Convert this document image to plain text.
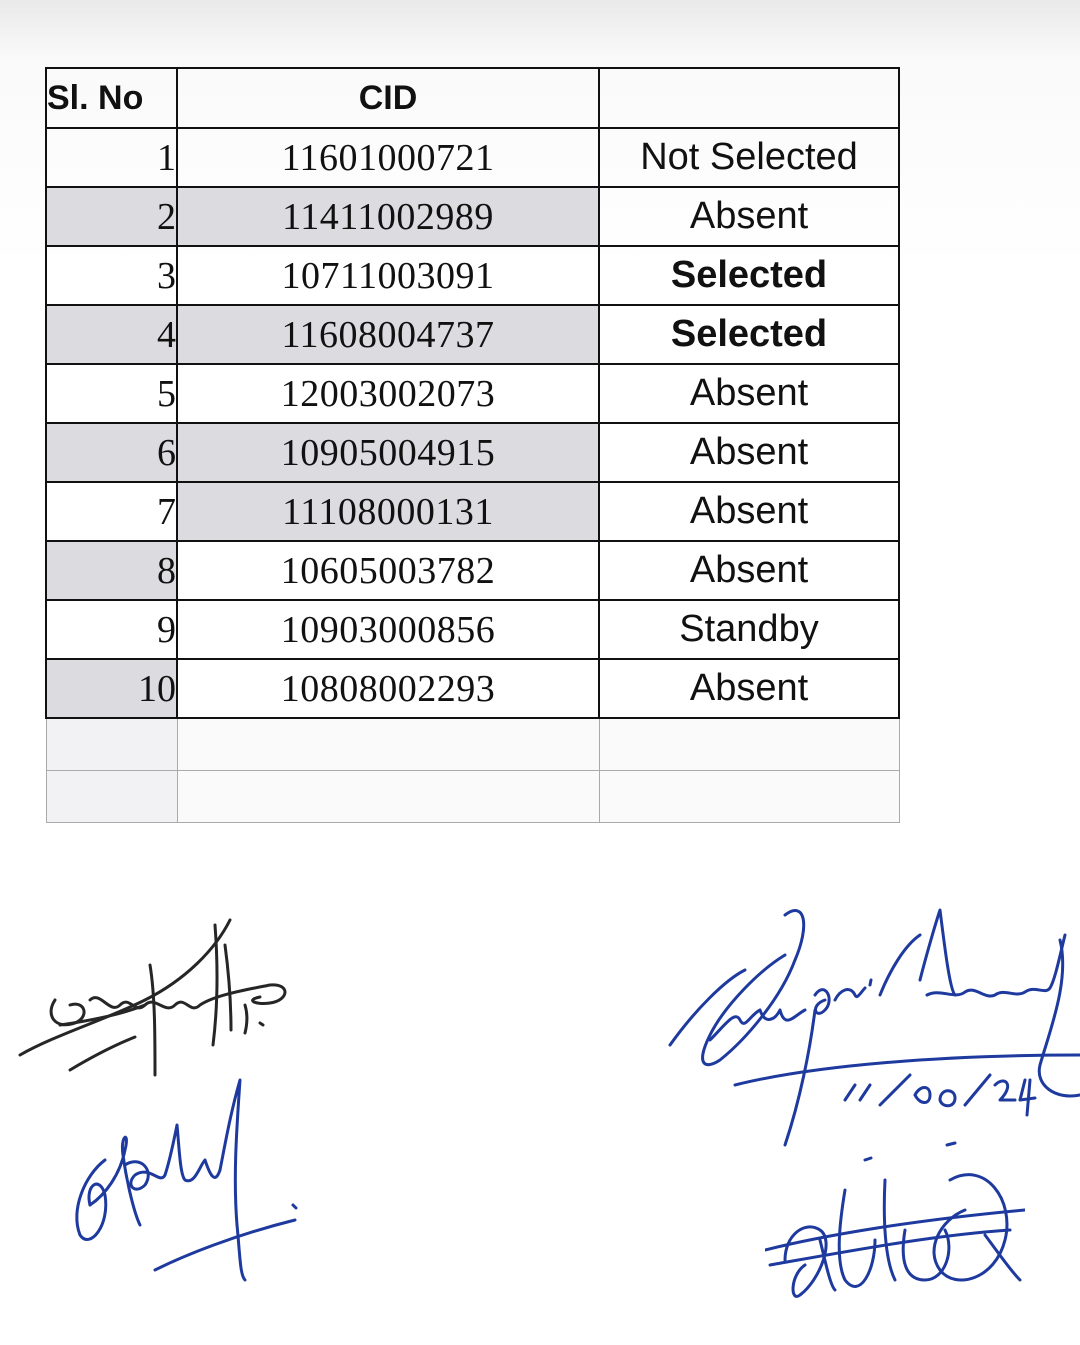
Sl. No	CID	
1	11601000721	Not Selected
2	11411002989	Absent
3	10711003091	Selected
4	11608004737	Selected
5	12003002073	Absent
6	10905004915	Absent
7	11108000131	Absent
8	10605003782	Absent
9	10903000856	Standby
10	10808002293	Absent
